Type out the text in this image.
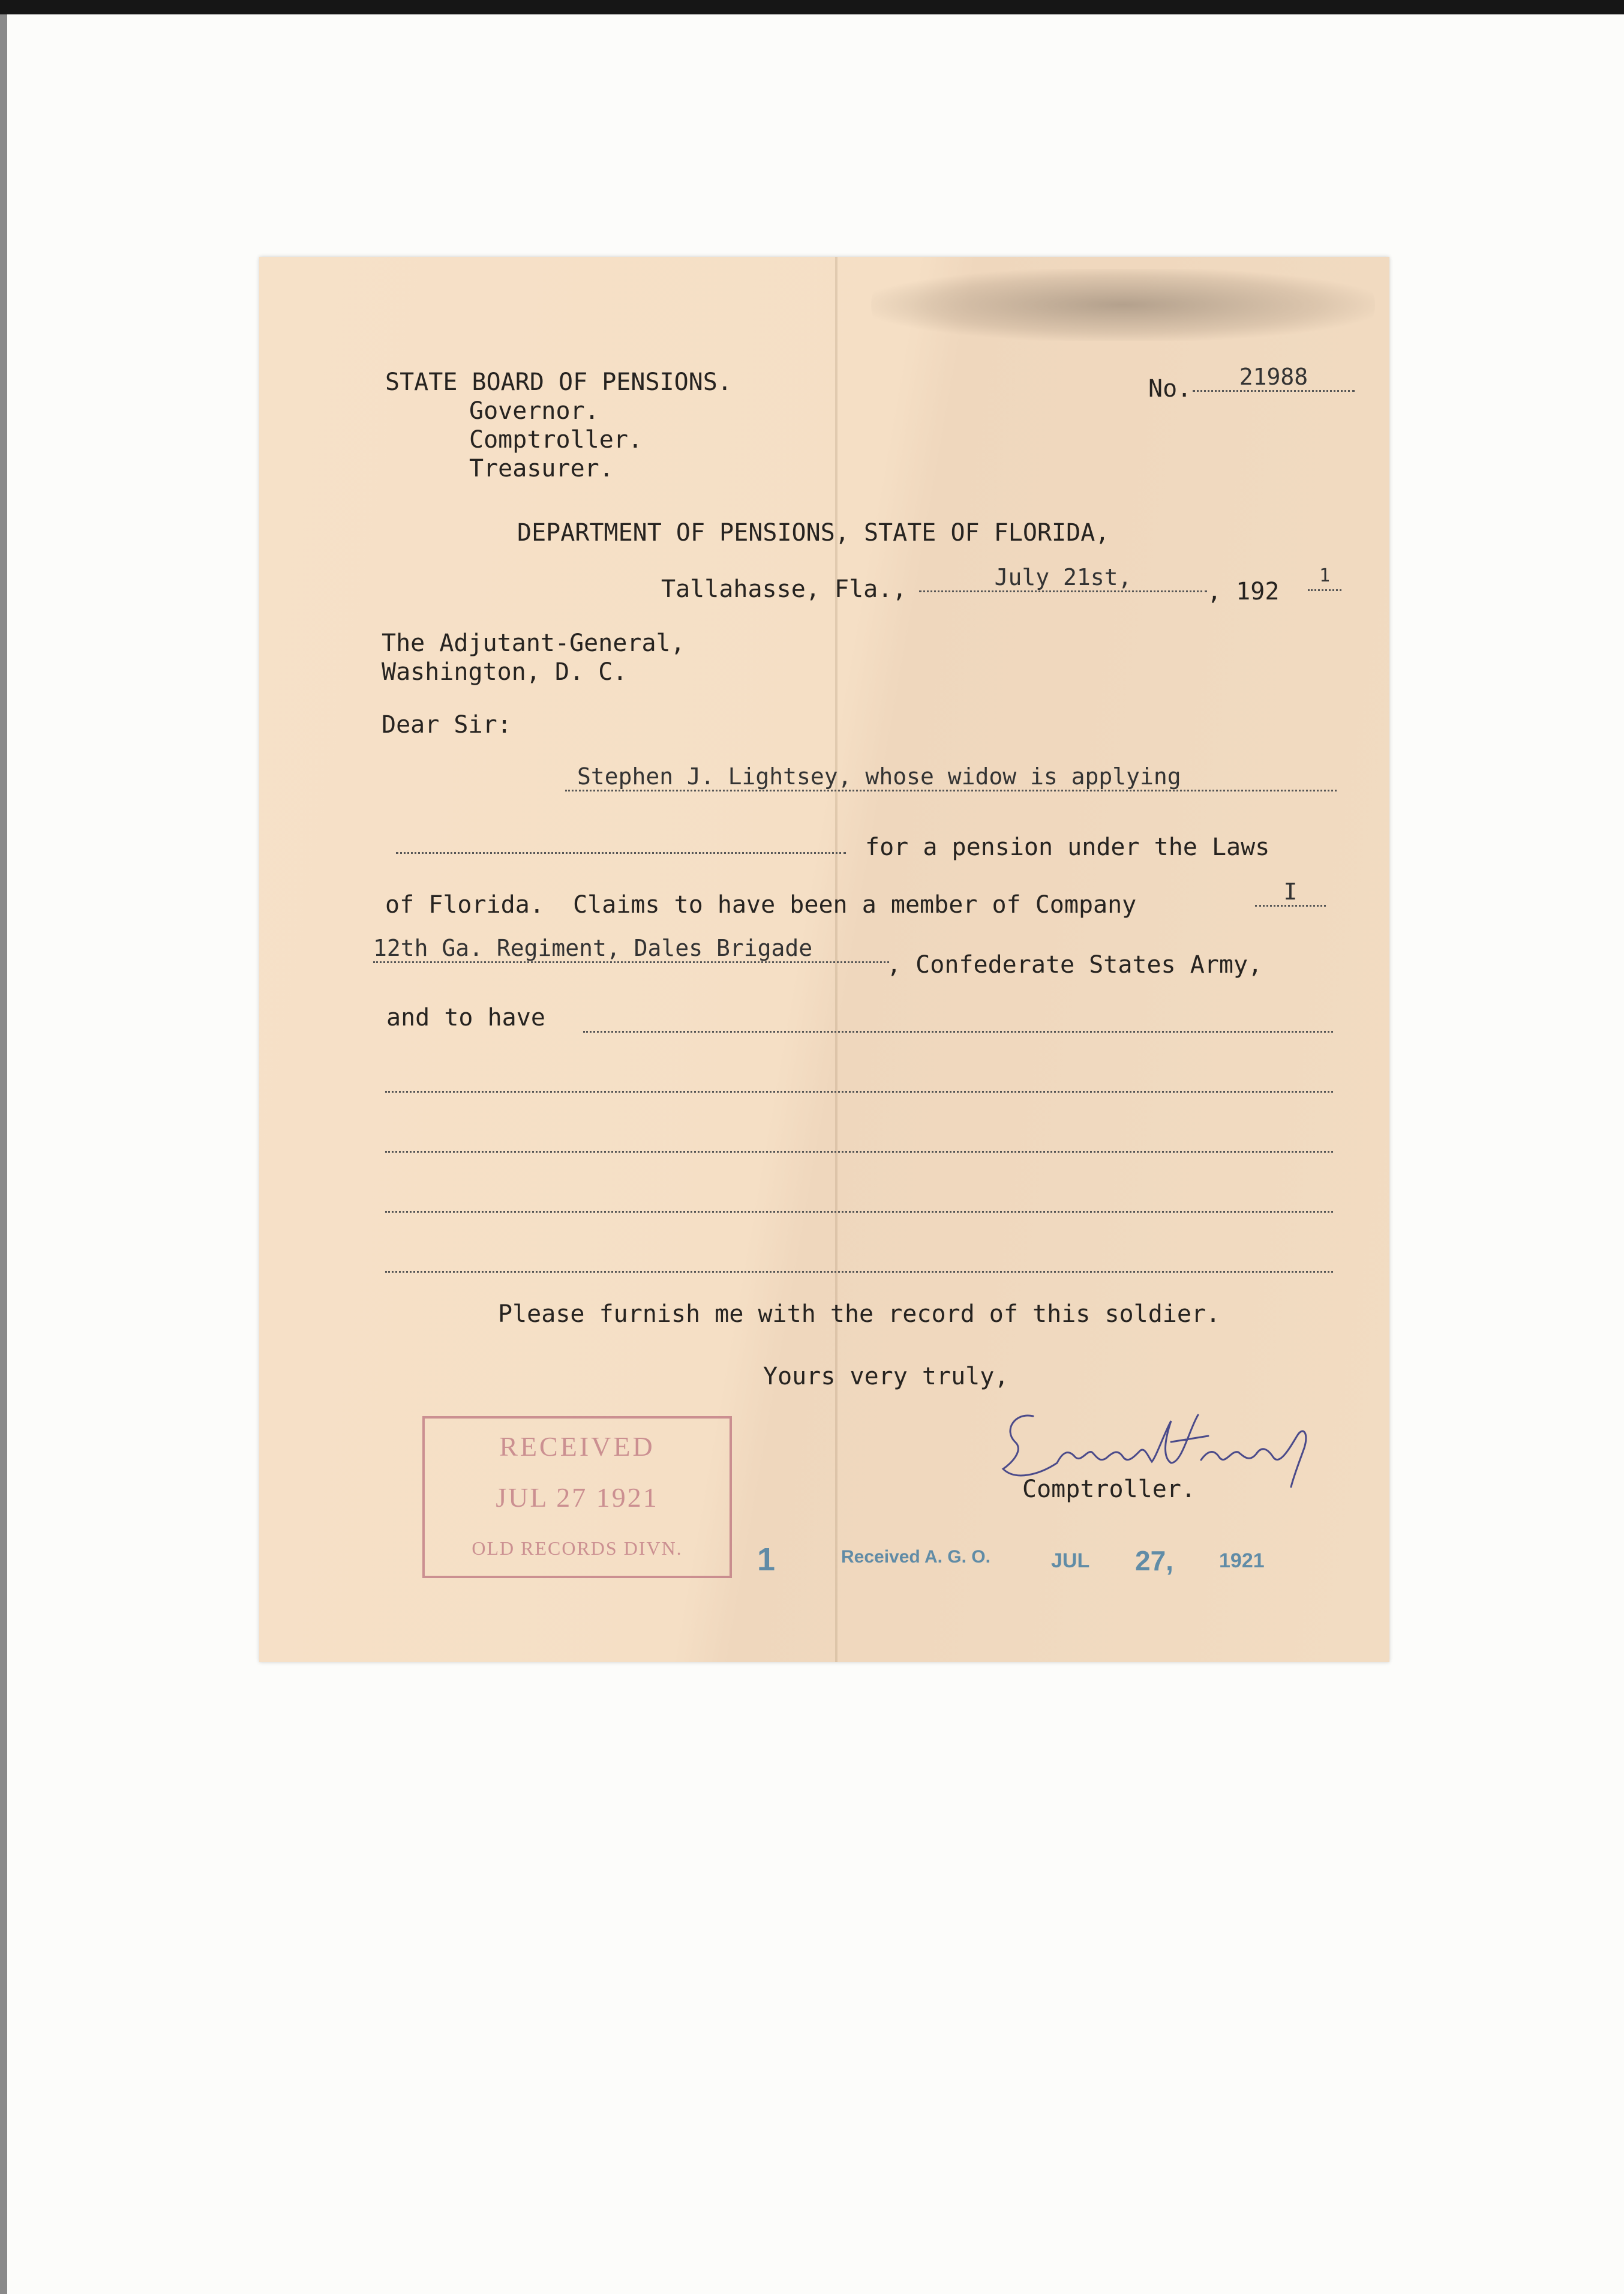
STATE BOARD OF PENSIONS.
Governor.
Comptroller.
Treasurer.
No.	21988
DEPARTMENT OF PENSIONS, STATE OF FLORIDA,
Tallahasse, Fla.,	July 21st,
, 192
1
The Adjutant-General,
Washington, D. C.
Dear Sir:
Stephen J. Lightsey, whose widow is applying
for a pension under the Laws
of Florida.  Claims to have been a member of Company	I
12th Ga. Regiment, Dales Brigade
, Confederate States Army,
and to have
Please furnish me with the record of this soldier.
Yours very truly,
Comptroller.
RECEIVED
JUL 27 1921
OLD RECORDS DIVN.	1	Received A. G. O.	JUL 27, 1921
